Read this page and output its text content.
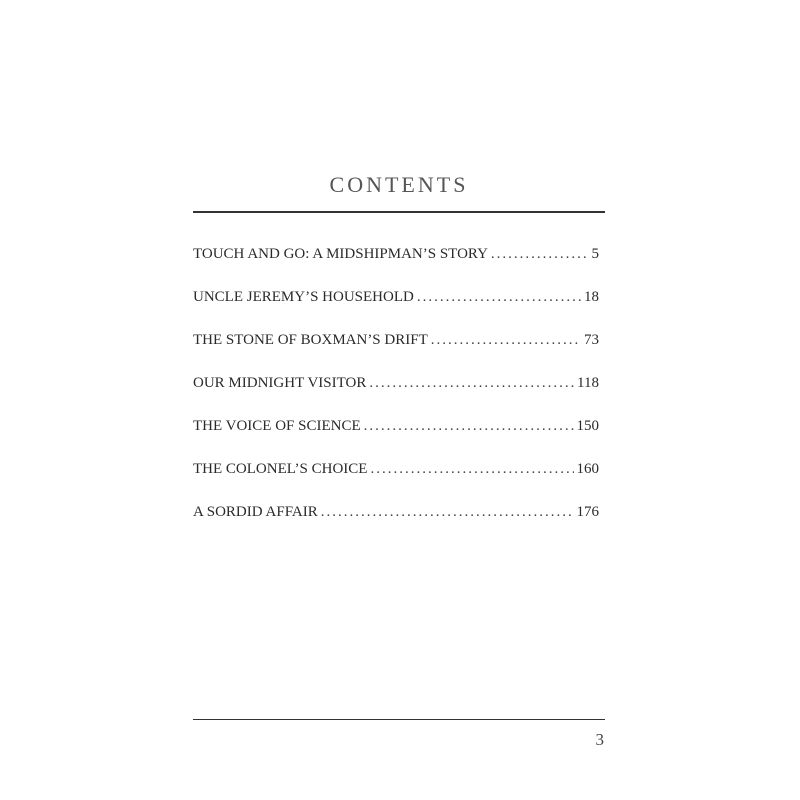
CONTENTS
TOUCH AND GO: A MIDSHIPMAN’S STORY .....	5
UNCLE JEREMY’S HOUSEHOLD .....	18
THE STONE OF BOXMAN’S DRIFT .....	73
OUR MIDNIGHT VISITOR .....	118
THE VOICE OF SCIENCE .....	150
THE COLONEL’S CHOICE .....	160
A SORDID AFFAIR .....	176
3
